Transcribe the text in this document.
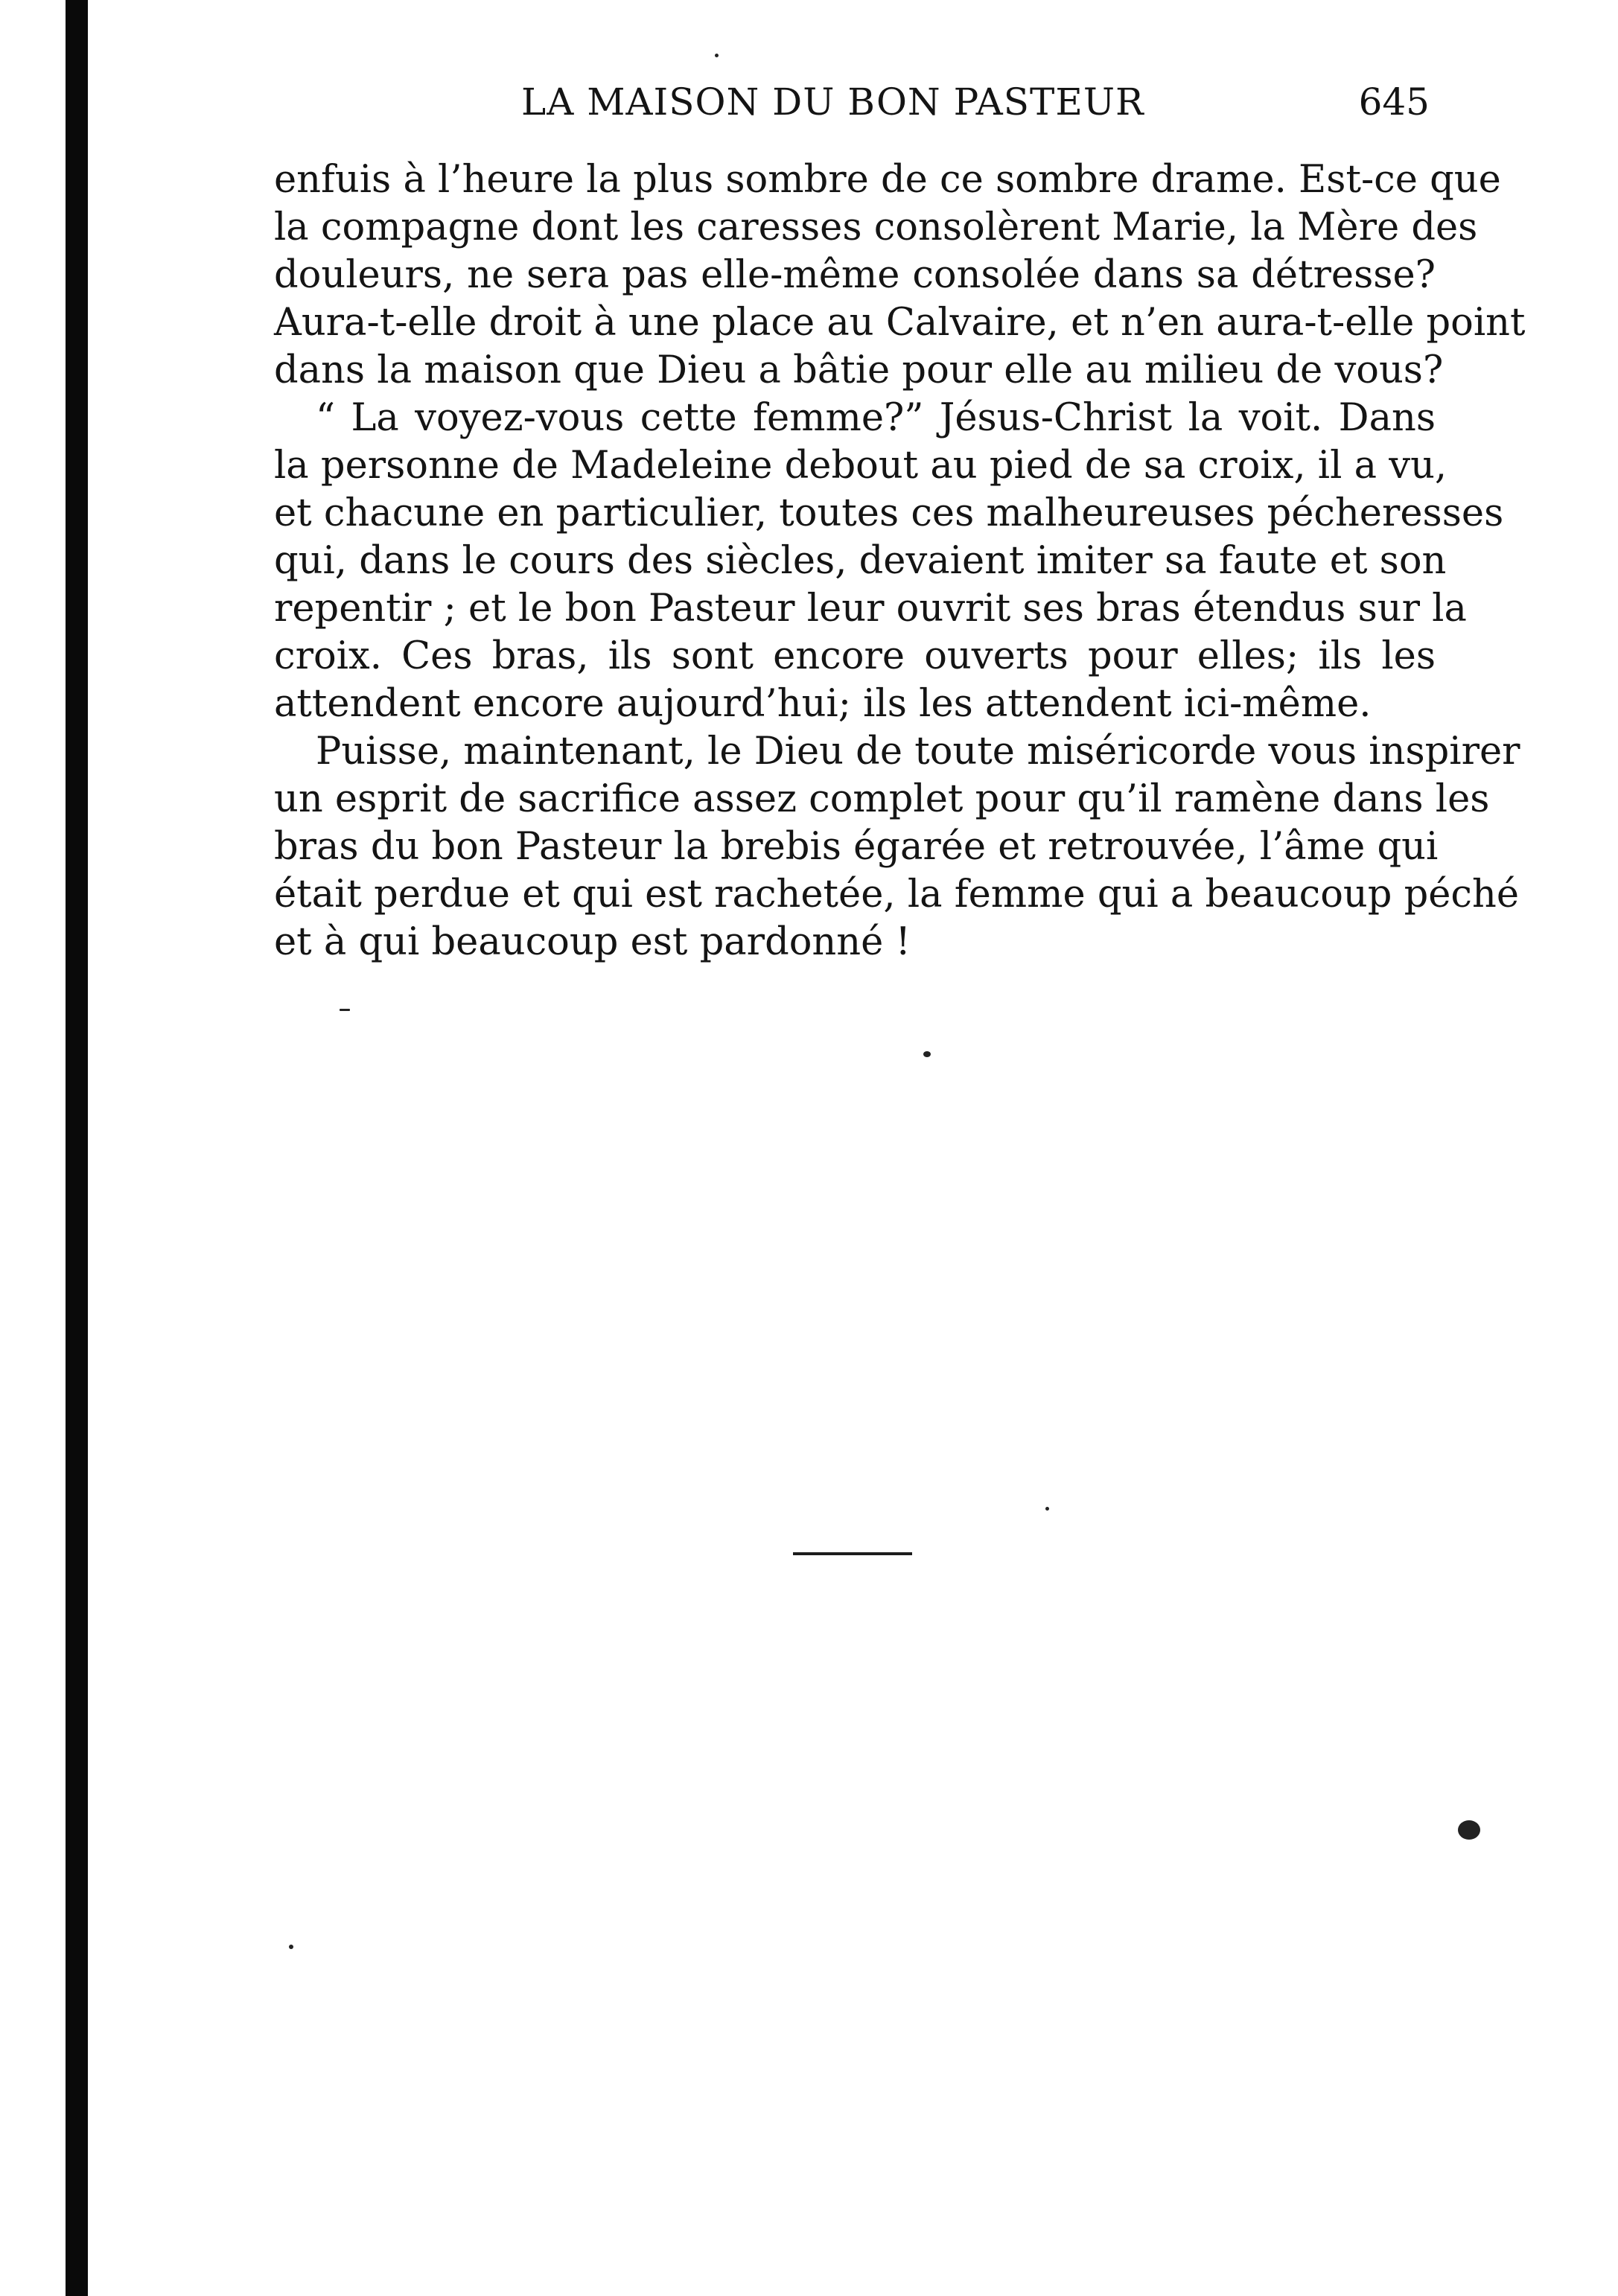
LA MAISON DU BON PASTEUR	645
enfuis à l’heure la plus sombre de ce sombre drame. Est-ce que
la compagne dont les caresses consolèrent Marie, la Mère des
douleurs, ne sera pas elle-même consolée dans sa détresse?
Aura-t-elle droit à une place au Calvaire, et n’en aura-t-elle point
dans la maison que Dieu a bâtie pour elle au milieu de vous?
“ La voyez-vous cette femme?” Jésus-Christ la voit. Dans
la personne de Madeleine debout au pied de sa croix, il a vu,
et chacune en particulier, toutes ces malheureuses pécheresses
qui, dans le cours des siècles, devaient imiter sa faute et son
repentir ; et le bon Pasteur leur ouvrit ses bras étendus sur la
croix. Ces bras, ils sont encore ouverts pour elles; ils les
attendent encore aujourd’hui; ils les attendent ici-même.
Puisse, maintenant, le Dieu de toute miséricorde vous inspirer
un esprit de sacrifice assez complet pour qu’il ramène dans les
bras du bon Pasteur la brebis égarée et retrouvée, l’âme qui
était perdue et qui est rachetée, la femme qui a beaucoup péché
et à qui beaucoup est pardonné !
